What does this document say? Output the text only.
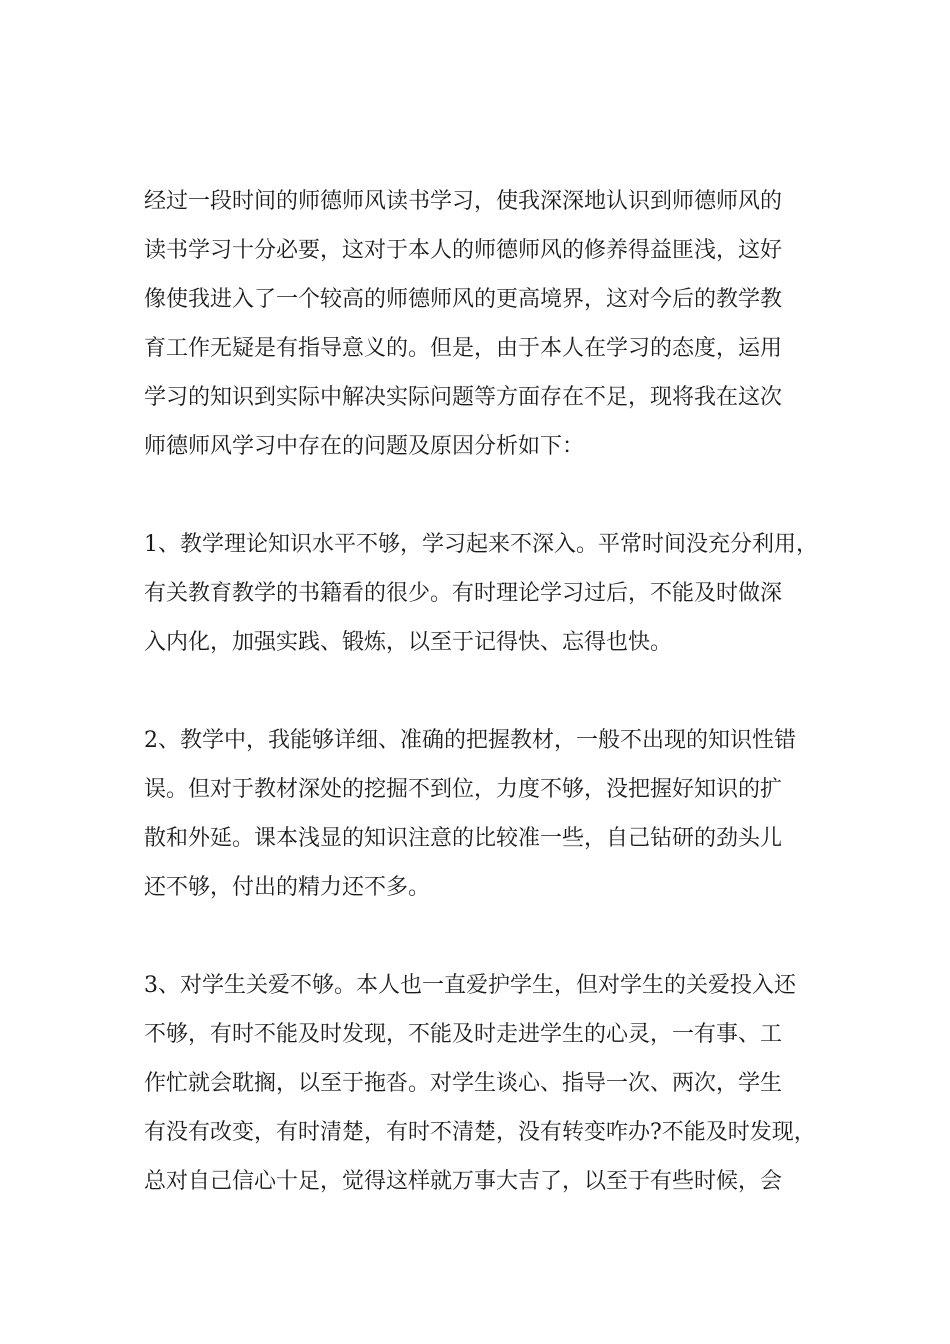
经过一段时间的师德师风读书学习，使我深深地认识到师德师风的
读书学习十分必要，这对于本人的师德师风的修养得益匪浅，这好
像使我进入了一个较高的师德师风的更高境界，这对今后的教学教
育工作无疑是有指导意义的。但是，由于本人在学习的态度，运用
学习的知识到实际中解决实际问题等方面存在不足，现将我在这次
师德师风学习中存在的问题及原因分析如下：

1、教学理论知识水平不够，学习起来不深入。平常时间没充分利用，
有关教育教学的书籍看的很少。有时理论学习过后，不能及时做深
入内化，加强实践、锻炼，以至于记得快、忘得也快。

2、教学中，我能够详细、准确的把握教材，一般不出现的知识性错
误。但对于教材深处的挖掘不到位，力度不够，没把握好知识的扩
散和外延。课本浅显的知识注意的比较准一些，自己钻研的劲头儿
还不够，付出的精力还不多。

3、对学生关爱不够。本人也一直爱护学生，但对学生的关爱投入还
不够，有时不能及时发现，不能及时走进学生的心灵，一有事、工
作忙就会耽搁，以至于拖沓。对学生谈心、指导一次、两次，学生
有没有改变，有时清楚，有时不清楚，没有转变咋办?不能及时发现，
总对自己信心十足，觉得这样就万事大吉了，以至于有些时候，会
